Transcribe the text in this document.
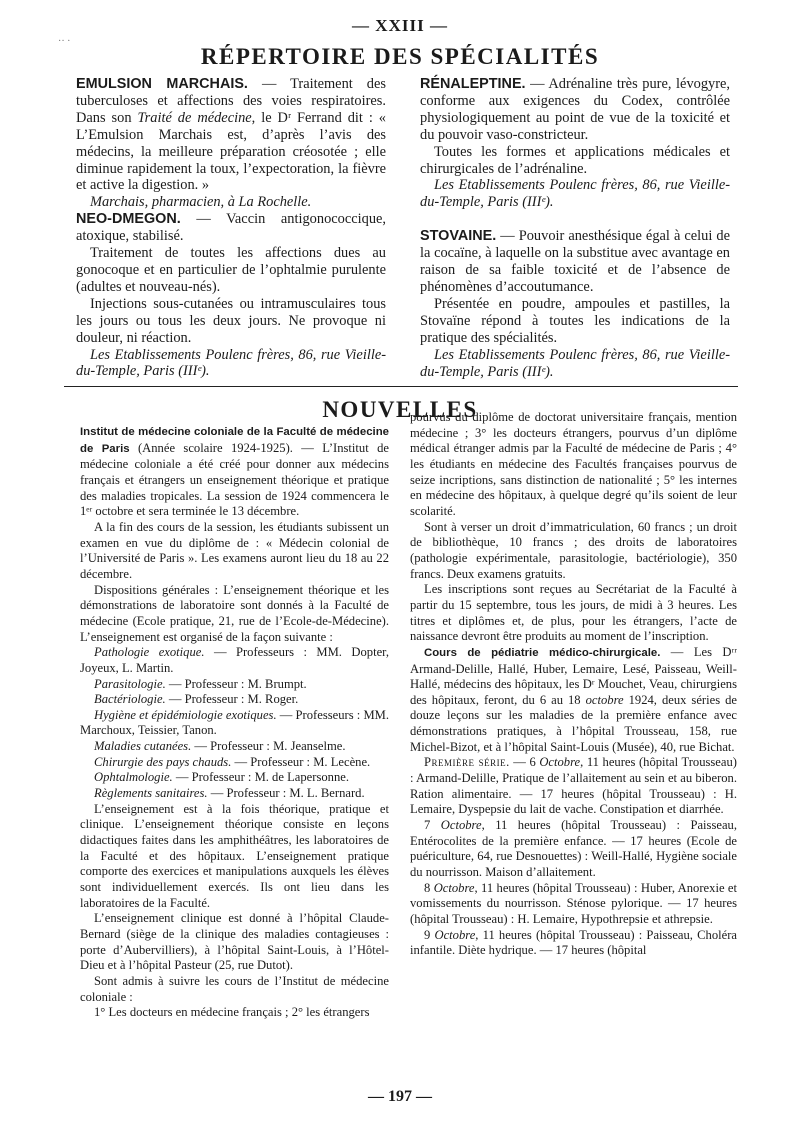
·· ·
— XXIII —
RÉPERTOIRE DES SPÉCIALITÉS

EMULSION MARCHAIS. — Traitement des tuberculoses et affections des voies respiratoires. Dans son Traité de médecine, le Dʳ Ferrand dit : « L’Emulsion Marchais est, d’après l’avis des médecins, la meilleure préparation créosotée ; elle diminue rapidement la toux, l’expectoration, la fièvre et active la digestion. »

Marchais, pharmacien, à La Rochelle.

NEO-DMEGON. — Vaccin antigonococcique, atoxique, stabilisé.

Traitement de toutes les affections dues au gonocoque et en particulier de l’ophtalmie purulente (adultes et nouveau-nés).

Injections sous-cutanées ou intramusculaires tous les jours ou tous les deux jours. Ne provoque ni douleur, ni réaction.

Les Etablissements Poulenc frères, 86, rue Vieille-du-Temple, Paris (IIIᵉ).

RÉNALEPTINE. — Adrénaline très pure, lévogyre, conforme aux exigences du Codex, contrôlée physiologiquement au point de vue de la toxicité et du pouvoir vaso-constricteur.

Toutes les formes et applications médicales et chirurgicales de l’adrénaline.

Les Etablissements Poulenc frères, 86, rue Vieille-du-Temple, Paris (IIIᵉ).

STOVAINE. — Pouvoir anesthésique égal à celui de la cocaïne, à laquelle on la substitue avec avantage en raison de sa faible toxicité et de l’absence de phénomènes d’accoutumance.

Présentée en poudre, ampoules et pastilles, la Stovaïne répond à toutes les indications de la pratique des spécialités.

Les Etablissements Poulenc frères, 86, rue Vieille-du-Temple, Paris (IIIᵉ).

NOUVELLES

Institut de médecine coloniale de la Faculté de médecine de Paris (Année scolaire 1924-1925). — L’Institut de médecine coloniale a été créé pour donner aux médecins français et étrangers un enseignement théorique et pratique des maladies tropicales. La session de 1924 commencera le 1ᵉʳ octobre et sera terminée le 13 décembre.

A la fin des cours de la session, les étudiants subissent un examen en vue du diplôme de : « Médecin colonial de l’Université de Paris ». Les examens auront lieu du 18 au 22 décembre.

Dispositions générales : L’enseignement théorique et les démonstrations de laboratoire sont donnés à la Faculté de médecine (Ecole pratique, 21, rue de l’Ecole-de-Médecine). L’enseignement est organisé de la façon suivante :

Pathologie exotique. — Professeurs : MM. Dopter, Joyeux, L. Martin.

Parasitologie. — Professeur : M. Brumpt.

Bactériologie. — Professeur : M. Roger.

Hygiène et épidémiologie exotiques. — Professeurs : MM. Marchoux, Teissier, Tanon.

Maladies cutanées. — Professeur : M. Jeanselme.

Chirurgie des pays chauds. — Professeur : M. Lecène.

Ophtalmologie. — Professeur : M. de Lapersonne.

Règlements sanitaires. — Professeur : M. L. Bernard.

L’enseignement est à la fois théorique, pratique et clinique. L’enseignement théorique consiste en leçons didactiques faites dans les amphithéâtres, les laboratoires de la Faculté et des hôpitaux. L’enseignement pratique comporte des exercices et manipulations auxquels les élèves sont individuellement exercés. Ils ont lieu dans les laboratoires de la Faculté.

L’enseignement clinique est donné à l’hôpital Claude-Bernard (siège de la clinique des maladies contagieuses : porte d’Aubervilliers), à l’hôpital Saint-Louis, à l’Hôtel-Dieu et à l’hôpital Pasteur (25, rue Dutot).

Sont admis à suivre les cours de l’Institut de médecine coloniale :

1° Les docteurs en médecine français ; 2° les étrangers

pourvus du diplôme de doctorat universitaire français, mention médecine ; 3° les docteurs étrangers, pourvus d’un diplôme médical étranger admis par la Faculté de médecine de Paris ; 4° les étudiants en médecine des Facultés françaises pourvus de seize incriptions, sans distinction de nationalité ; 5° les internes en médecine des hôpitaux, à quelque degré qu’ils soient de leur scolarité.

Sont à verser un droit d’immatriculation, 60 francs ; un droit de bibliothèque, 10 francs ; des droits de laboratoires (pathologie expérimentale, parasitologie, bactériologie), 350 francs. Deux examens gratuits.

Les inscriptions sont reçues au Secrétariat de la Faculté à partir du 15 septembre, tous les jours, de midi à 3 heures. Les titres et diplômes et, de plus, pour les étrangers, l’acte de naissance devront être produits au moment de l’inscription.

Cours de pédiatrie médico-chirurgicale. — Les Dʳʳ Armand-Delille, Hallé, Huber, Lemaire, Lesé, Paisseau, Weill-Hallé, médecins des hôpitaux, les Dʳ Mouchet, Veau, chirurgiens des hôpitaux, feront, du 6 au 18 octobre 1924, deux séries de douze leçons sur les maladies de la première enfance avec démonstrations pratiques, à l’hôpital Trousseau, 158, rue Michel-Bizot, et à l’hôpital Saint-Louis (Musée), 40, rue Bichat.

Première série. — 6 Octobre, 11 heures (hôpital Trousseau) : Armand-Delille, Pratique de l’allaitement au sein et au biberon. Ration alimentaire. — 17 heures (hôpital Trousseau) : H. Lemaire, Dyspepsie du lait de vache. Constipation et diarrhée.

7 Octobre, 11 heures (hôpital Trousseau) : Paisseau, Entérocolites de la première enfance. — 17 heures (Ecole de puériculture, 64, rue Desnouettes) : Weill-Hallé, Hygiène sociale du nourrisson. Maison d’allaitement.

8 Octobre, 11 heures (hôpital Trousseau) : Huber, Anorexie et vomissements du nourrisson. Sténose pylorique. — 17 heures (hôpital Trousseau) : H. Lemaire, Hypothrepsie et athrepsie.

9 Octobre, 11 heures (hôpital Trousseau) : Paisseau, Choléra infantile. Diète hydrique. — 17 heures (hôpital

— 197 —
